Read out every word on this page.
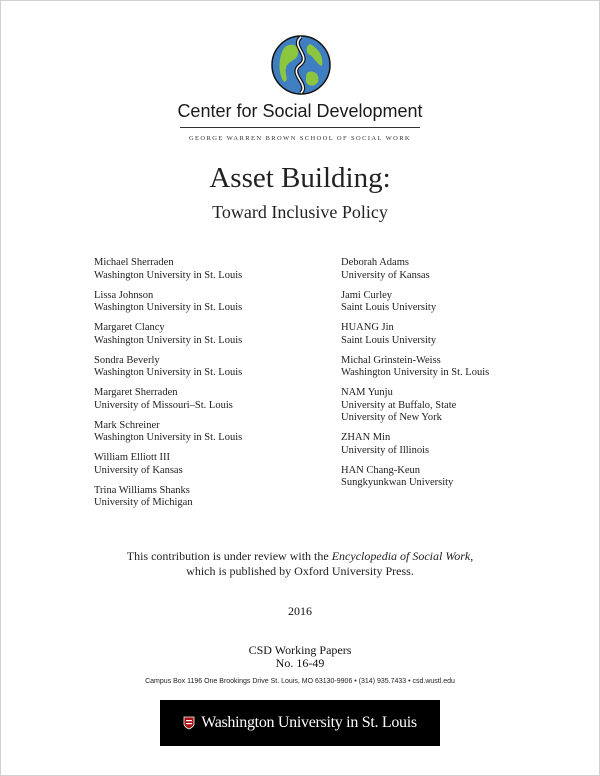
Center for Social Development
GEORGE WARREN BROWN SCHOOL OF SOCIAL WORK
Asset Building:
Toward Inclusive Policy
Michael Sherraden
Washington University in St. Louis
Lissa Johnson
Washington University in St. Louis
Margaret Clancy
Washington University in St. Louis
Sondra Beverly
Washington University in St. Louis
Margaret Sherraden
University of Missouri–St. Louis
Mark Schreiner
Washington University in St. Louis
William Elliott III
University of Kansas
Trina Williams Shanks
University of Michigan
Deborah Adams
University of Kansas
Jami Curley
Saint Louis University
HUANG Jin
Saint Louis University
Michal Grinstein-Weiss
Washington University in St. Louis
NAM Yunju
University at Buffalo, State
University of New York
ZHAN Min
University of Illinois
HAN Chang-Keun
Sungkyunkwan University
This contribution is under review with the Encyclopedia of Social Work,
which is published by Oxford University Press.
2016
CSD Working Papers
No. 16-49
Campus Box 1196 One Brookings Drive St. Louis, MO 63130-9906 • (314) 935.7433 • csd.wustl.edu
Washington University in St. Louis
